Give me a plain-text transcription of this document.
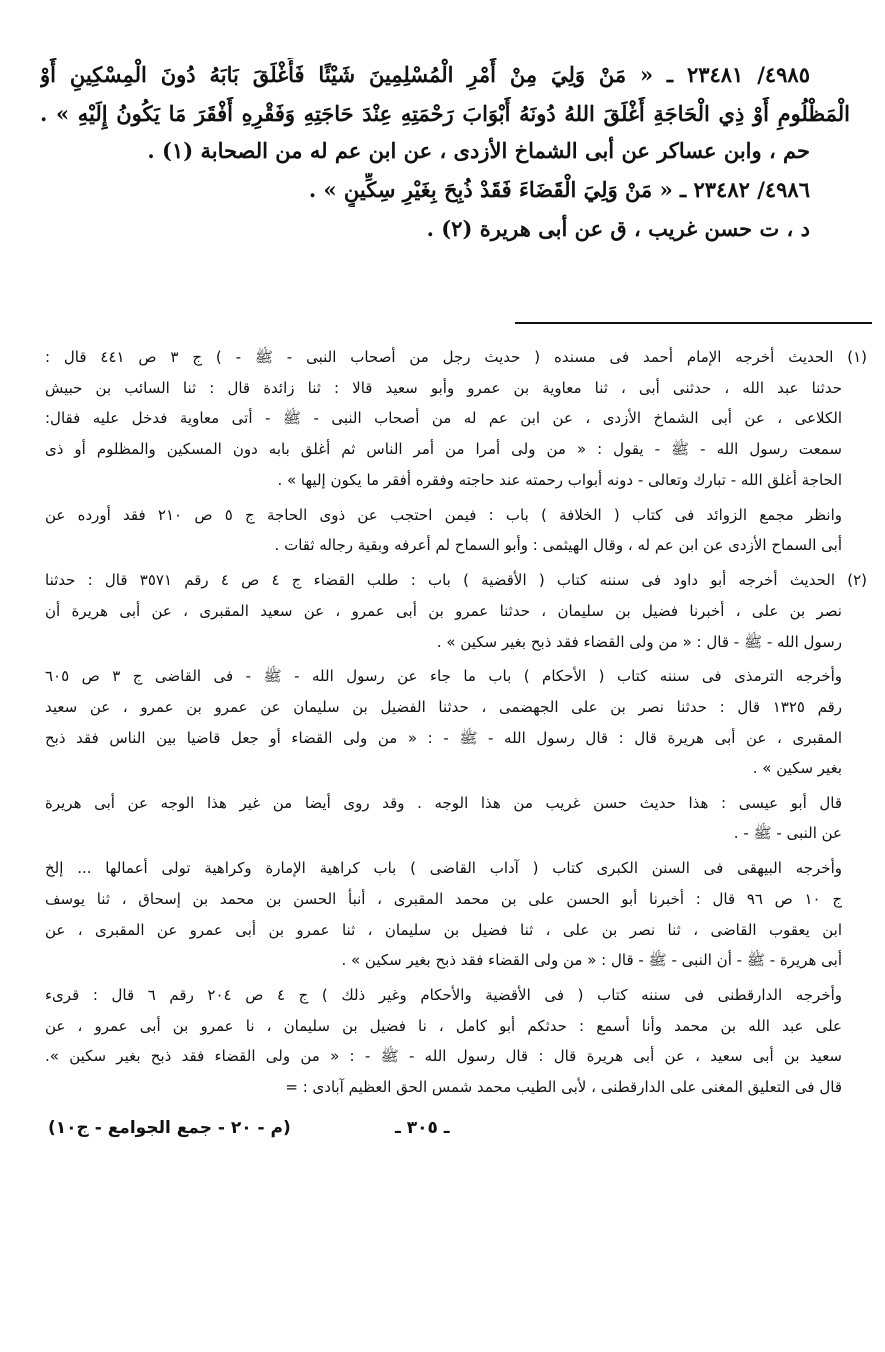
٤٩٨٥/ ٢٣٤٨١ ـ « مَنْ وَلِيَ مِنْ أَمْرِ الْمُسْلِمِينَ شَيْئًا فَأَغْلَقَ بَابَهُ دُونَ الْمِسْكِينِ أَوْ
الْمَظْلُومِ أَوْ ذِي الْحَاجَةِ أَغْلَقَ اللهُ دُونَهُ أَبْوَابَ رَحْمَتِهِ عِنْدَ حَاجَتِهِ وَفَقْرِهِ أَفْقَرَ مَا يَكُونُ إِلَيْهِ » .
حم ، وابن عساكر عن أبى الشماخ الأزدى ، عن ابن عم له من الصحابة (١) .
٤٩٨٦/ ٢٣٤٨٢ ـ « مَنْ وَلِيَ الْقَضَاءَ فَقَدْ ذُبِحَ بِغَيْرِ سِكِّينٍ » .
د ، ت حسن غريب ، ق عن أبى هريرة (٢) .
(١) الحديث أخرجه الإمام أحمد فى مسنده ( حديث رجل من أصحاب النبى - ﷺ - ) ج ٣ ص ٤٤١ قال :
حدثنا عبد الله ، حدثنى أبى ، ثنا معاوية بن عمرو وأبو سعيد قالا : ثنا زائدة قال : ثنا السائب بن حبيش
الكلاعى ، عن أبى الشماخ الأزدى ، عن ابن عم له من أصحاب النبى - ﷺ - أتى معاوية فدخل عليه فقال:
سمعت رسول الله - ﷺ - يقول : « من ولى أمرا من أمر الناس ثم أغلق بابه دون المسكين والمظلوم أو ذى
الحاجة أغلق الله - تبارك وتعالى - دونه أبواب رحمته عند حاجته وفقره أفقر ما يكون إليها » .
وانظر مجمع الزوائد فى كتاب ( الخلافة ) باب : فيمن احتجب عن ذوى الحاجة ج ٥ ص ٢١٠ فقد أورده عن
أبى السماح الأزدى عن ابن عم له ، وقال الهيثمى : وأبو السماح لم أعرفه وبقية رجاله ثقات .
(٢) الحديث أخرجه أبو داود فى سننه كتاب ( الأقضية ) باب : طلب القضاء ج ٤ ص ٤ رقم ٣٥٧١ قال : حدثنا
نصر بن على ، أخبرنا فضيل بن سليمان ، حدثنا عمرو بن أبى عمرو ، عن سعيد المقبرى ، عن أبى هريرة أن
رسول الله - ﷺ - قال : « من ولى القضاء فقد ذبح بغير سكين » .
وأخرجه الترمذى فى سننه كتاب ( الأحكام ) باب ما جاء عن رسول الله - ﷺ - فى القاضى ج ٣ ص ٦٠٥
رقم ١٣٢٥ قال : حدثنا نصر بن على الجهضمى ، حدثنا الفضيل بن سليمان عن عمرو بن عمرو ، عن سعيد
المقبرى ، عن أبى هريرة قال : قال رسول الله - ﷺ - : « من ولى القضاء أو جعل قاضيا بين الناس فقد ذبح
بغير سكين » .
قال أبو عيسى : هذا حديث حسن غريب من هذا الوجه . وقد روى أيضا من غير هذا الوجه عن أبى هريرة
عن النبى - ﷺ - .
وأخرجه البيهقى فى السنن الكبرى كتاب ( آداب القاضى ) باب كراهية الإمارة وكراهية تولى أعمالها ... إلخ
ج ١٠ ص ٩٦ قال : أخبرنا أبو الحسن على بن محمد المقبرى ، أنبأ الحسن بن محمد بن إسحاق ، ثنا يوسف
ابن يعقوب القاضى ، ثنا نصر بن على ، ثنا فضيل بن سليمان ، ثنا عمرو بن أبى عمرو عن المقبرى ، عن
أبى هريرة - ﷺ - أن النبى - ﷺ - قال : « من ولى القضاء فقد ذبح بغير سكين » .
وأخرجه الدارقطنى فى سننه كتاب ( فى الأقضية والأحكام وغير ذلك ) ج ٤ ص ٢٠٤ رقم ٦ قال : قرىء
على عبد الله بن محمد وأنا أسمع : حدثكم أبو كامل ، نا فضيل بن سليمان ، نا عمرو بن أبى عمرو ، عن
سعيد بن أبى سعيد ، عن أبى هريرة قال : قال رسول الله - ﷺ - : « من ولى القضاء فقد ذبح بغير سكين ».
قال فى التعليق المغنى على الدارقطنى ، لأبى الطيب محمد شمس الحق العظيم آبادى : =
ـ ٣٠٥ ـ
(م - ٢٠ - جمع الجوامع - ج١٠)
